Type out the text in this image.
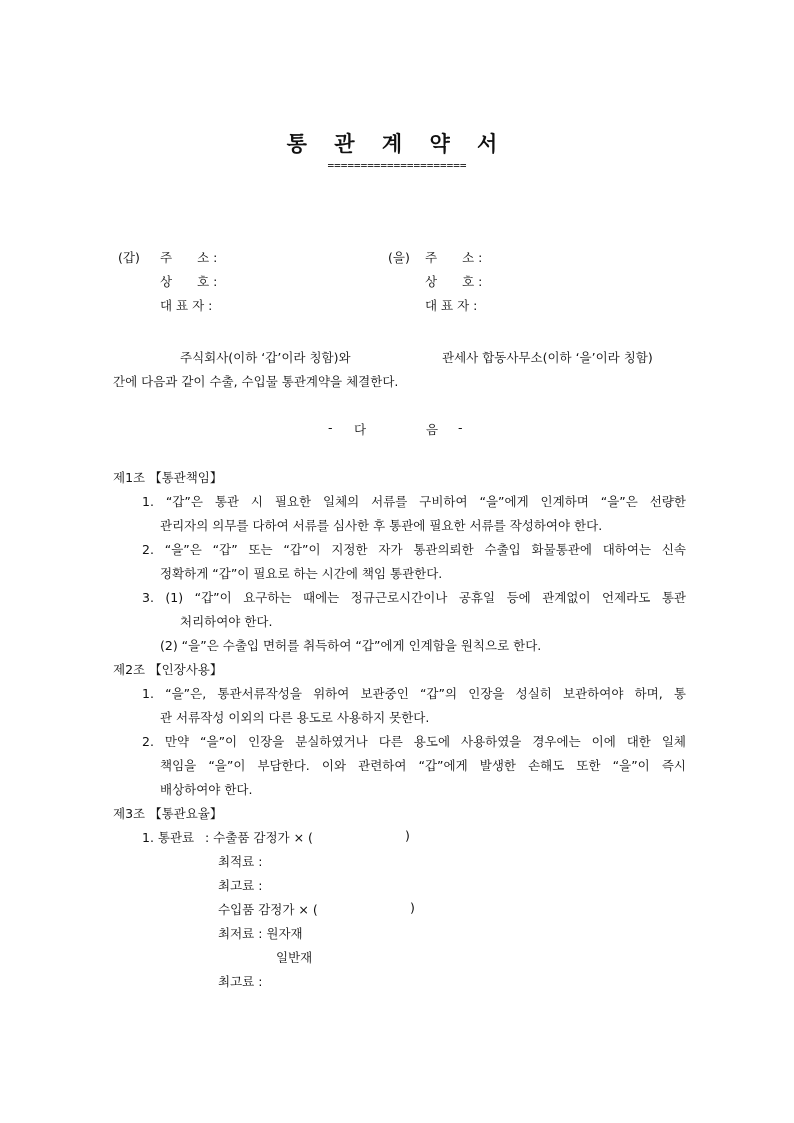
통 관 계 약 서
=====================
(갑) 주　　소 :
상　　호 :
대 표 자 :
(을) 주　　소 :
상　　호 :
대 표 자 :
주식회사(이하 ‘갑’이라 칭함)와	관세사 합동사무소(이하 ‘을’이라 칭함)
간에 다음과 같이 수출, 수입물 통관계약을 체결한다.
- 다	음 -
제1조 【통관책임】
1. “갑”은 통관 시 필요한 일체의 서류를 구비하여 “을”에게 인계하며 “을”은 선량한
관리자의 의무를 다하여 서류를 심사한 후 통관에 필요한 서류를 작성하여야 한다.
2. “을”은 “갑” 또는 “갑”이 지정한 자가 통관의뢰한 수출입 화물통관에 대하여는 신속
정확하게 “갑”이 필요로 하는 시간에 책임 통관한다.
3. (1) “갑”이 요구하는 때에는 정규근로시간이나 공휴일 등에 관계없이 언제라도 통관
처리하여야 한다.
(2) “을”은 수출입 면허를 취득하여 “갑”에게 인계함을 원칙으로 한다.
제2조 【인장사용】
1. “을”은, 통관서류작성을 위하여 보관중인 “갑”의 인장을 성실히 보관하여야 하며, 통
관 서류작성 이외의 다른 용도로 사용하지 못한다.
2. 만약 “을”이 인장을 분실하였거나 다른 용도에 사용하였을 경우에는 이에 대한 일체
책임을 “을”이 부담한다. 이와 관련하여 “갑”에게 발생한 손해도 또한 “을”이 즉시
배상하여야 한다.
제3조 【통관요율】
1. 통관료 : 수출품 감정가 × (	)
최적료 :
최고료 :
수입품 감정가 × (	)
최저료 : 원자재
일반재
최고료 :
